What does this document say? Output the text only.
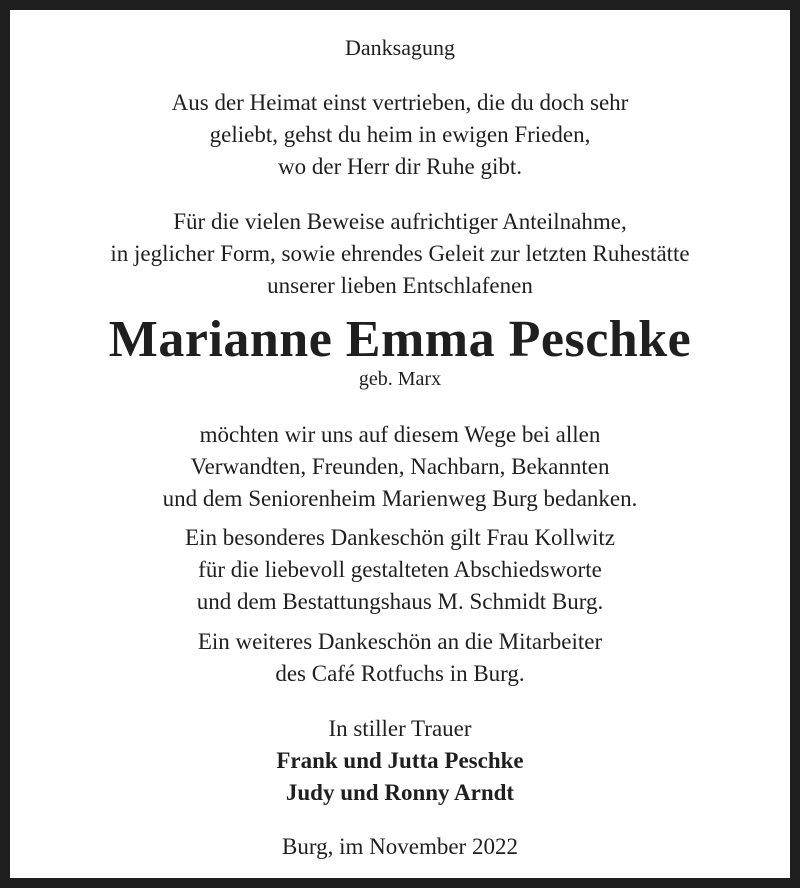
Danksagung
Aus der Heimat einst vertrieben, die du doch sehr
geliebt, gehst du heim in ewigen Frieden,
wo der Herr dir Ruhe gibt.
Für die vielen Beweise aufrichtiger Anteilnahme,
in jeglicher Form, sowie ehrendes Geleit zur letzten Ruhestätte
unserer lieben Entschlafenen
Marianne Emma Peschke
geb. Marx
möchten wir uns auf diesem Wege bei allen
Verwandten, Freunden, Nachbarn, Bekannten
und dem Seniorenheim Marienweg Burg bedanken.
Ein besonderes Dankeschön gilt Frau Kollwitz
für die liebevoll gestalteten Abschiedsworte
und dem Bestattungshaus M. Schmidt Burg.
Ein weiteres Dankeschön an die Mitarbeiter
des Café Rotfuchs in Burg.
In stiller Trauer
Frank und Jutta Peschke
Judy und Ronny Arndt
Burg, im November 2022
